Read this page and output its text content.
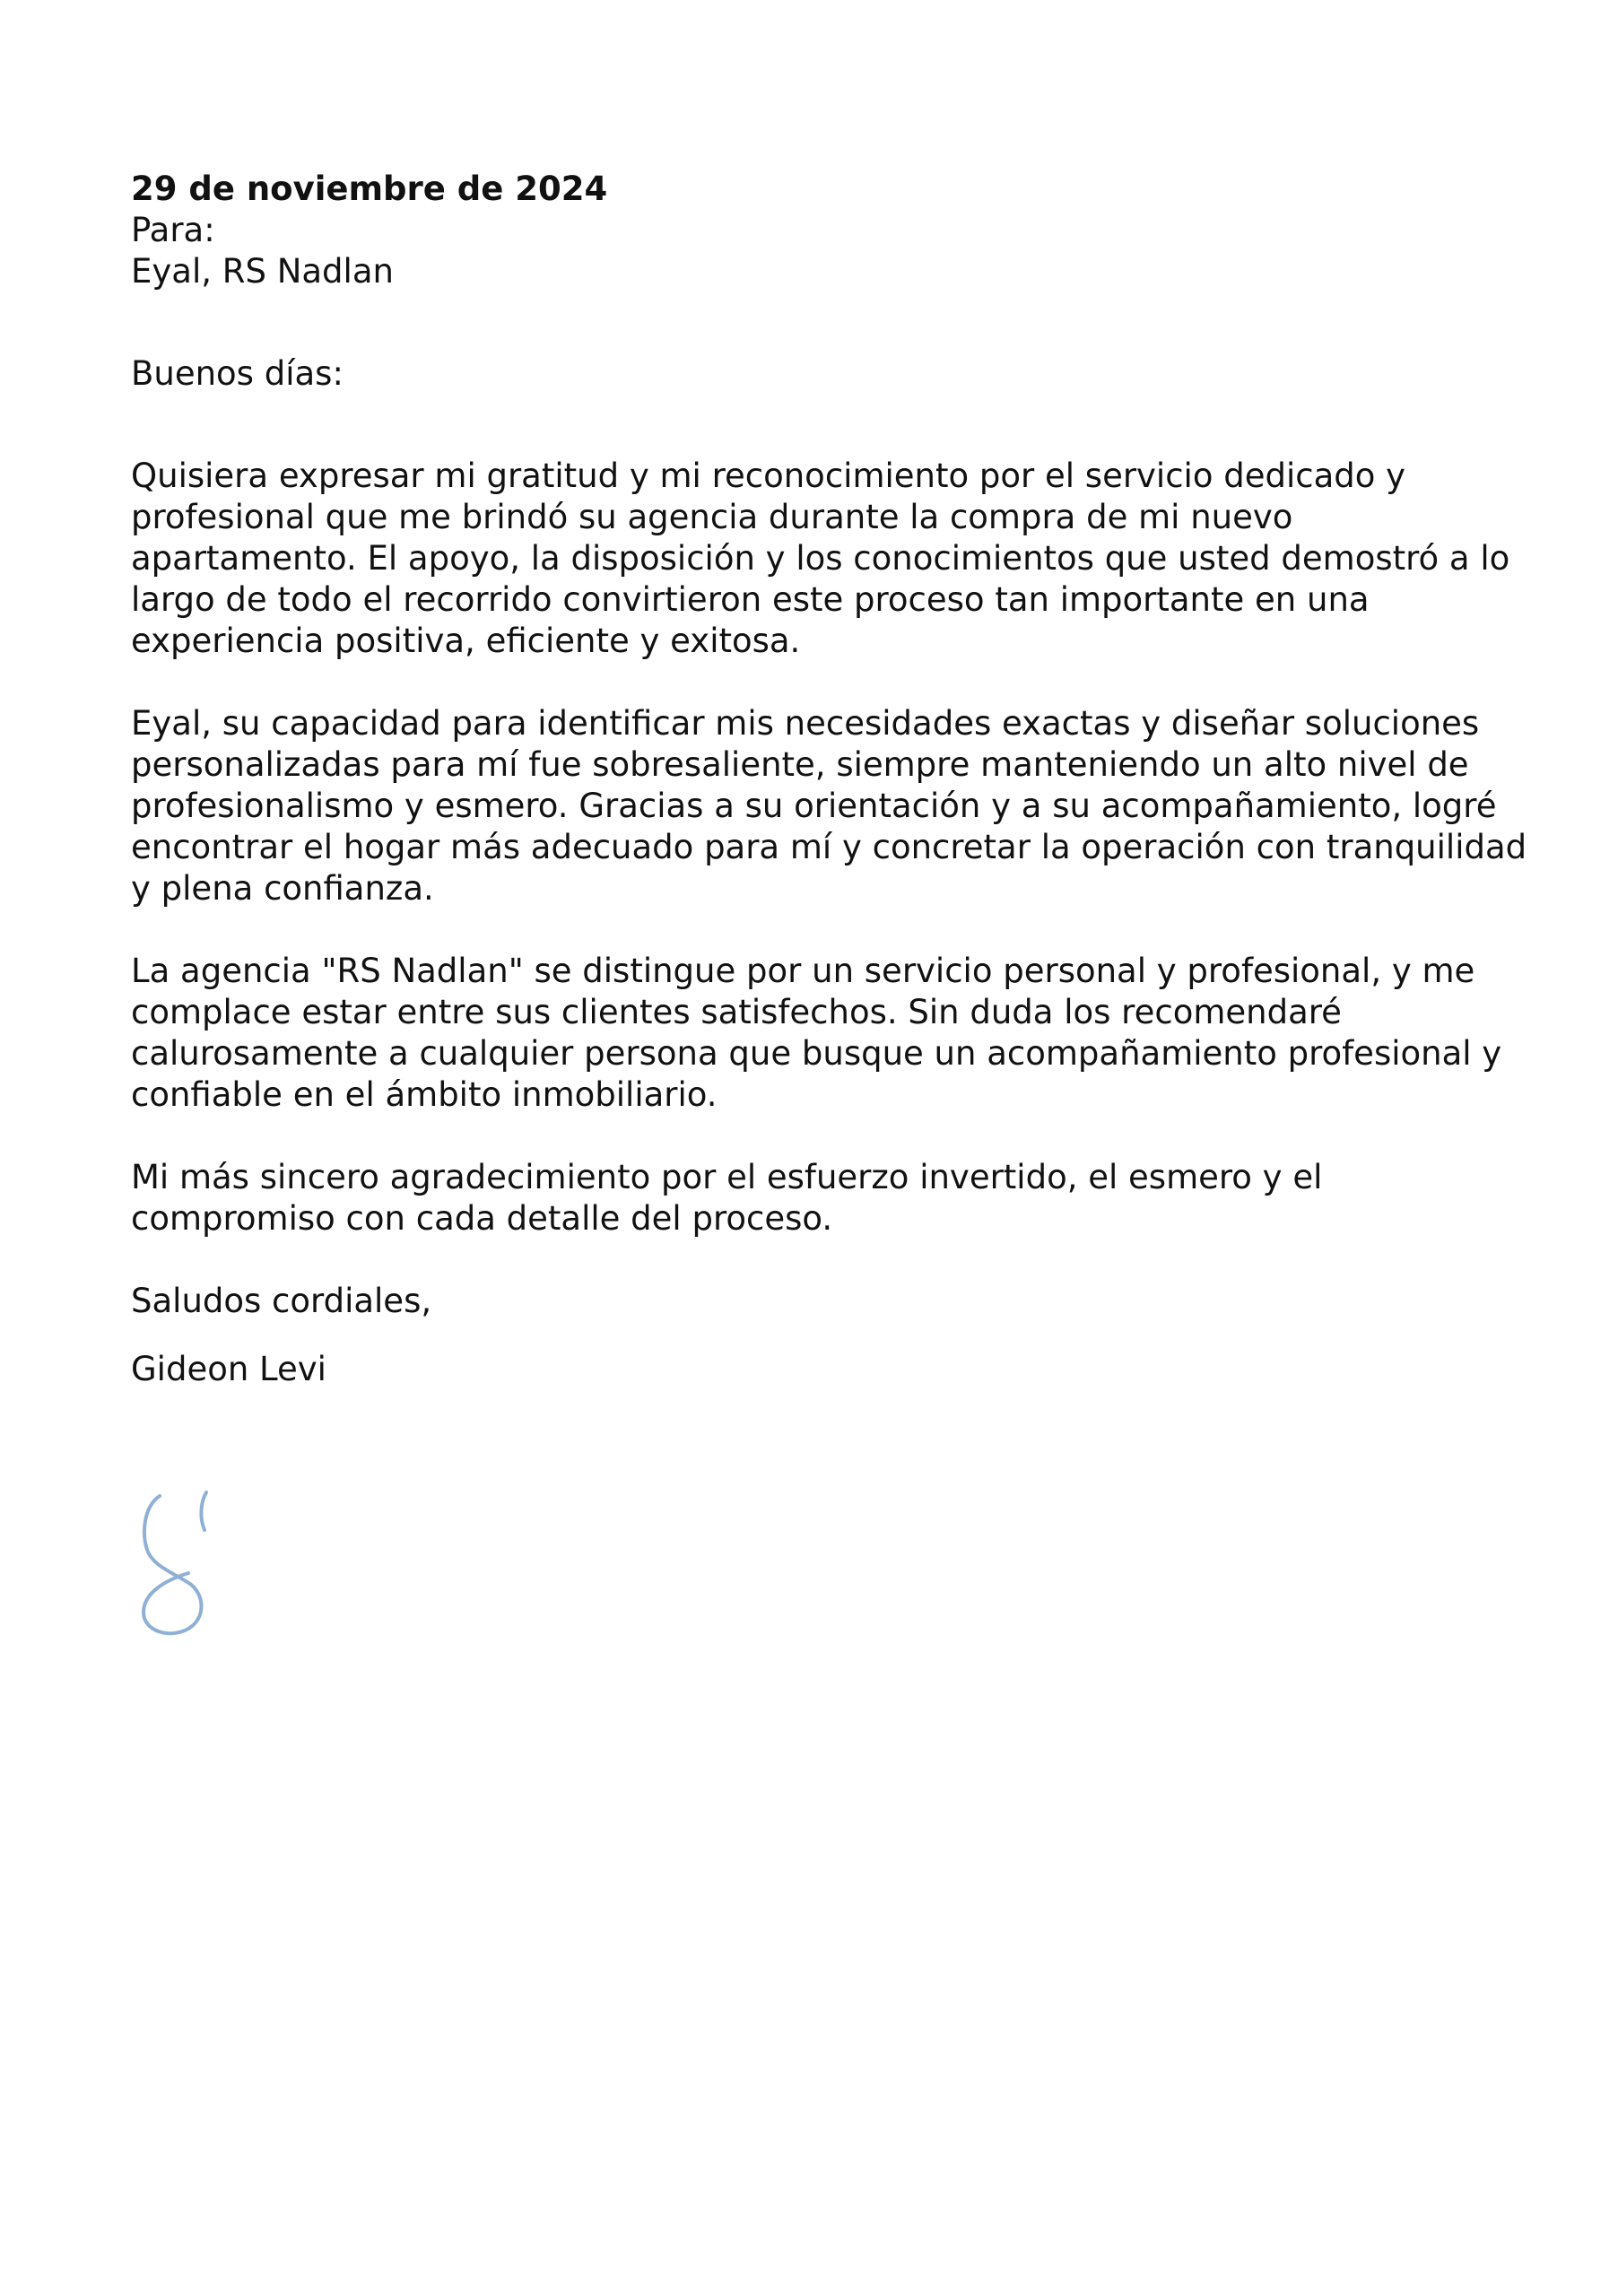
29 de noviembre de 2024

Para:
Eyal, RS Nadlan

Buenos días:

Quisiera expresar mi gratitud y mi reconocimiento por el servicio dedicado y
profesional que me brindó su agencia durante la compra de mi nuevo
apartamento. El apoyo, la disposición y los conocimientos que usted demostró a lo
largo de todo el recorrido convirtieron este proceso tan importante en una
experiencia positiva, eficiente y exitosa.
Eyal, su capacidad para identificar mis necesidades exactas y diseñar soluciones
personalizadas para mí fue sobresaliente, siempre manteniendo un alto nivel de
profesionalismo y esmero. Gracias a su orientación y a su acompañamiento, logré
encontrar el hogar más adecuado para mí y concretar la operación con tranquilidad
y plena confianza.
La agencia "RS Nadlan" se distingue por un servicio personal y profesional, y me
complace estar entre sus clientes satisfechos. Sin duda los recomendaré
calurosamente a cualquier persona que busque un acompañamiento profesional y
confiable en el ámbito inmobiliario.
Mi más sincero agradecimiento por el esfuerzo invertido, el esmero y el
compromiso con cada detalle del proceso.

Saludos cordiales,

Gideon Levi
